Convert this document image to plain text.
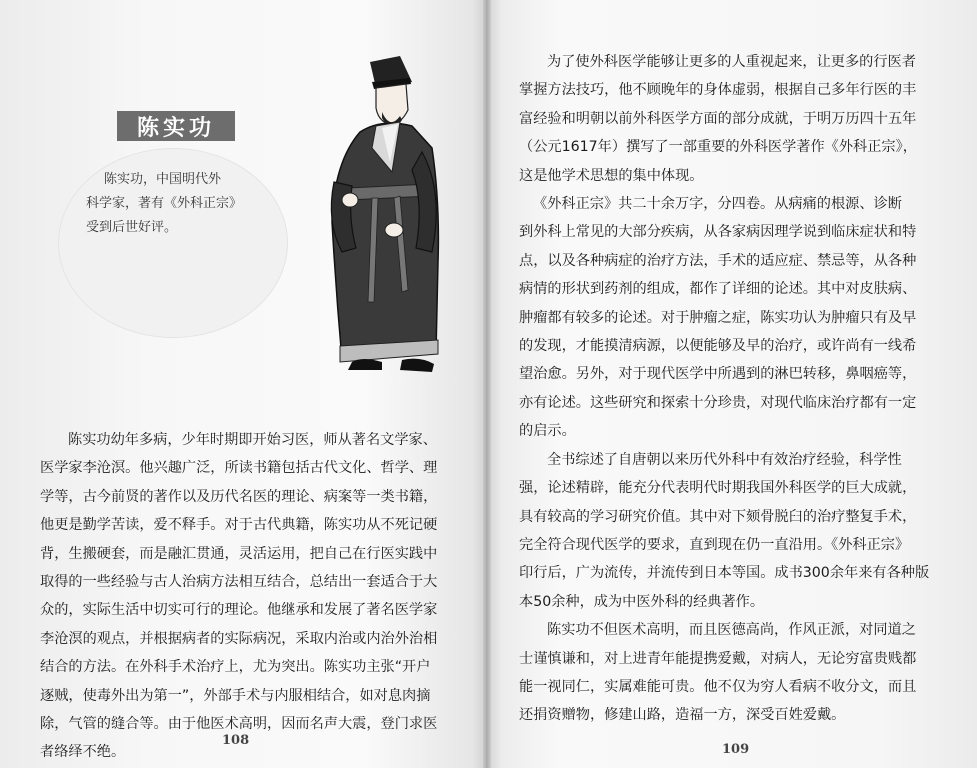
陈实功
陈实功，中国明代外
科学家，著有《外科正宗》
受到后世好评。
陈实功幼年多病，少年时期即开始习医，师从著名文学家、
医学家李沧溟。他兴趣广泛，所读书籍包括古代文化、哲学、理
学等，古今前贤的著作以及历代名医的理论、病案等一类书籍，
他更是勤学苦读，爱不释手。对于古代典籍，陈实功从不死记硬
背，生搬硬套，而是融汇贯通，灵活运用，把自己在行医实践中
取得的一些经验与古人治病方法相互结合，总结出一套适合于大
众的，实际生活中切实可行的理论。他继承和发展了著名医学家
李沧溟的观点，并根据病者的实际病况，采取内治或内治外治相
结合的方法。在外科手术治疗上，尤为突出。陈实功主张“开户
逐贼，使毒外出为第一”，外部手术与内服相结合，如对息肉摘
除，气管的缝合等。由于他医术高明，因而名声大震，登门求医
者络绎不绝。
108
为了使外科医学能够让更多的人重视起来，让更多的行医者
掌握方法技巧，他不顾晚年的身体虚弱，根据自己多年行医的丰
富经验和明朝以前外科医学方面的部分成就，于明万历四十五年
（公元1617年）撰写了一部重要的外科医学著作《外科正宗》，
这是他学术思想的集中体现。
《外科正宗》共二十余万字，分四卷。从病痛的根源、诊断
到外科上常见的大部分疾病，从各家病因理学说到临床症状和特
点，以及各种病症的治疗方法，手术的适应症、禁忌等，从各种
病情的形状到药剂的组成，都作了详细的论述。其中对皮肤病、
肿瘤都有较多的论述。对于肿瘤之症，陈实功认为肿瘤只有及早
的发现，才能摸清病源，以便能够及早的治疗，或许尚有一线希
望治愈。另外，对于现代医学中所遇到的淋巴转移，鼻咽癌等，
亦有论述。这些研究和探索十分珍贵，对现代临床治疗都有一定
的启示。
全书综述了自唐朝以来历代外科中有效治疗经验，科学性
强，论述精辟，能充分代表明代时期我国外科医学的巨大成就，
具有较高的学习研究价值。其中对下颏骨脱臼的治疗整复手术，
完全符合现代医学的要求，直到现在仍一直沿用。《外科正宗》
印行后，广为流传，并流传到日本等国。成书300余年来有各种版
本50余种，成为中医外科的经典著作。
陈实功不但医术高明，而且医德高尚，作风正派，对同道之
士谨慎谦和，对上进青年能提携爱戴，对病人，无论穷富贵贱都
能一视同仁，实属难能可贵。他不仅为穷人看病不收分文，而且
还捐资赠物，修建山路，造福一方，深受百姓爱戴。
109
